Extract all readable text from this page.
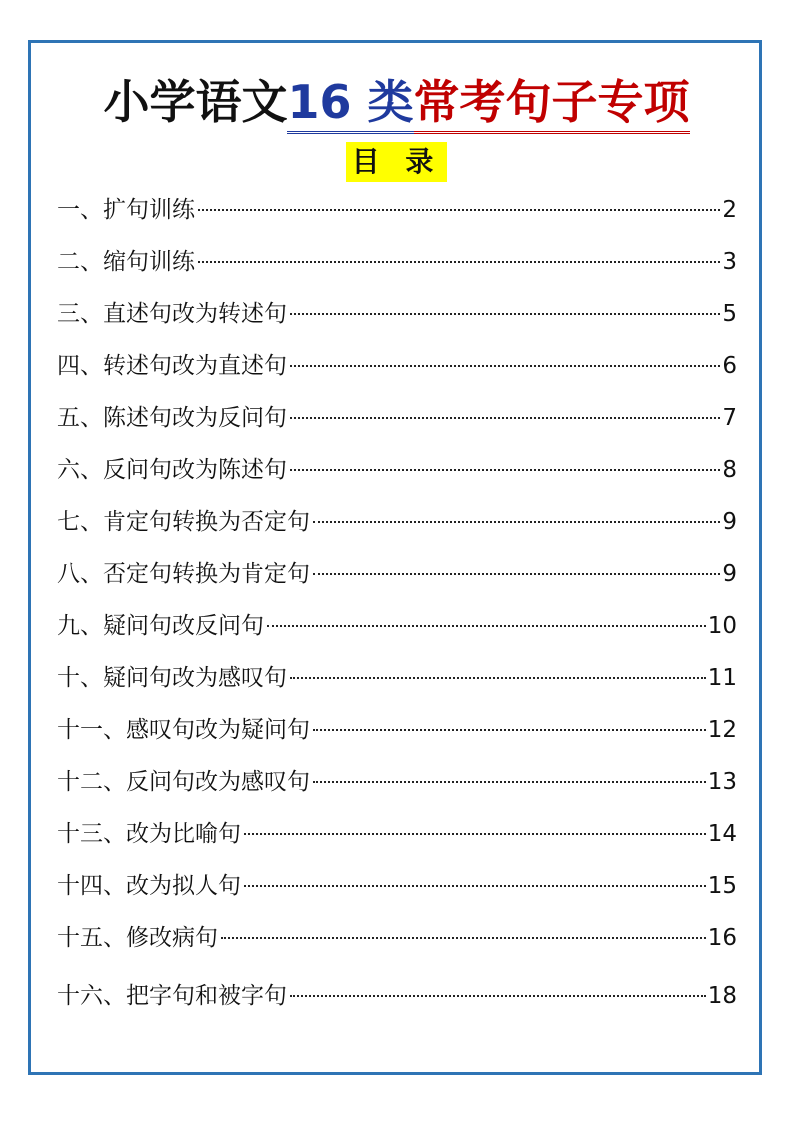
小学语文16 类常考句子专项
目 录
一、扩句训练	2
二、缩句训练	3
三、直述句改为转述句	5
四、转述句改为直述句	6
五、陈述句改为反问句	7
六、反问句改为陈述句	8
七、肯定句转换为否定句	9
八、否定句转换为肯定句	9
九、疑问句改反问句	10
十、疑问句改为感叹句	11
十一、感叹句改为疑问句	12
十二、反问句改为感叹句	13
十三、改为比喻句	14
十四、改为拟人句	15
十五、修改病句	16
十六、把字句和被字句	18
